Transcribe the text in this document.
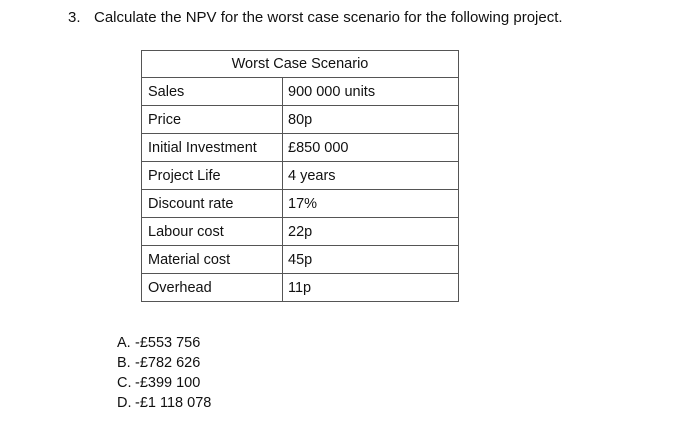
3. Calculate the NPV for the worst case scenario for the following project.
Worst Case Scenario	
Sales	900 000 units
Price	80p
Initial Investment	£850 000
Project Life	4 years
Discount rate	17%
Labour cost	22p
Material cost	45p
Overhead	11p
A. -£553 756
B. -£782 626
C. -£399 100
D. -£1 118 078
